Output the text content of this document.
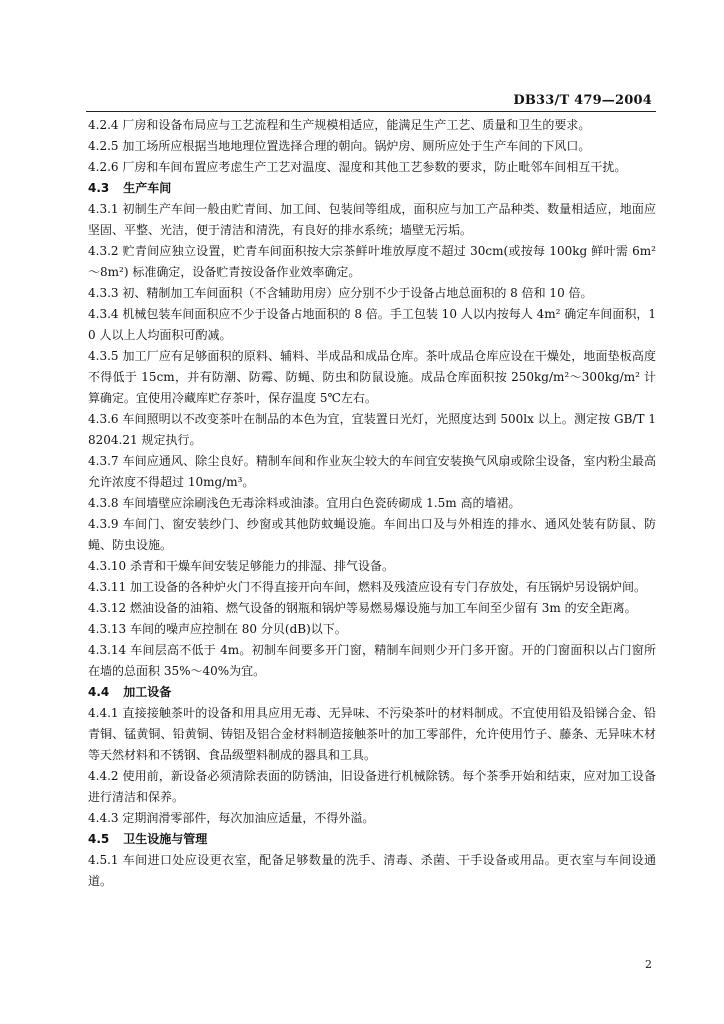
DB33/T 479—2004

4.2.4 厂房和设备布局应与工艺流程和生产规模相适应，能满足生产工艺、质量和卫生的要求。

4.2.5 加工场所应根据当地地理位置选择合理的朝向。锅炉房、厕所应处于生产车间的下风口。

4.2.6 厂房和车间布置应考虑生产工艺对温度、湿度和其他工艺参数的要求，防止毗邻车间相互干扰。

4.3 生产车间

4.3.1 初制生产车间一般由贮青间、加工间、包装间等组成，面积应与加工产品种类、数量相适应，地面应坚固、平整、光洁，便于清洁和清洗，有良好的排水系统；墙壁无污垢。

4.3.2 贮青间应独立设置，贮青车间面积按大宗茶鲜叶堆放厚度不超过 30cm(或按每 100kg 鲜叶需 6m²～8m²) 标准确定，设备贮青按设备作业效率确定。

4.3.3 初、精制加工车间面积（不含辅助用房）应分别不少于设备占地总面积的 8 倍和 10 倍。

4.3.4 机械包装车间面积应不少于设备占地面积的 8 倍。手工包装 10 人以内按每人 4m² 确定车间面积，10 人以上人均面积可酌减。

4.3.5 加工厂应有足够面积的原料、辅料、半成品和成品仓库。茶叶成品仓库应设在干燥处，地面垫板高度不得低于 15cm，并有防潮、防霉、防蝇、防虫和防鼠设施。成品仓库面积按 250kg/m²～300kg/m² 计算确定。宜使用冷藏库贮存茶叶，保存温度 5℃左右。

4.3.6 车间照明以不改变茶叶在制品的本色为宜，宜装置日光灯，光照度达到 500lx 以上。测定按 GB/T 18204.21 规定执行。

4.3.7 车间应通风、除尘良好。精制车间和作业灰尘较大的车间宜安装换气风扇或除尘设备，室内粉尘最高允许浓度不得超过 10mg/m³。

4.3.8 车间墙壁应涂刷浅色无毒涂料或油漆。宜用白色瓷砖砌成 1.5m 高的墙裙。

4.3.9 车间门、窗安装纱门、纱窗或其他防蚊蝇设施。车间出口及与外相连的排水、通风处装有防鼠、防蝇、防虫设施。

4.3.10 杀青和干燥车间安装足够能力的排湿、排气设备。

4.3.11 加工设备的各种炉火门不得直接开向车间，燃料及残渣应设有专门存放处，有压锅炉另设锅炉间。

4.3.12 燃油设备的油箱、燃气设备的钢瓶和锅炉等易燃易爆设施与加工车间至少留有 3m 的安全距离。

4.3.13 车间的噪声应控制在 80 分贝(dB)以下。

4.3.14 车间层高不低于 4m。初制车间要多开门窗，精制车间则少开门多开窗。开的门窗面积以占门窗所在墙的总面积 35%～40%为宜。

4.4 加工设备

4.4.1 直接接触茶叶的设备和用具应用无毒、无异味、不污染茶叶的材料制成。不宜使用铅及铅锑合金、铅青铜、锰黄铜、铅黄铜、铸铝及铝合金材料制造接触茶叶的加工零部件，允许使用竹子、藤条、无异味木材等天然材料和不锈钢、食品级塑料制成的器具和工具。

4.4.2 使用前，新设备必须清除表面的防锈油，旧设备进行机械除锈。每个茶季开始和结束，应对加工设备进行清洁和保养。

4.4.3 定期润滑零部件，每次加油应适量，不得外溢。

4.5 卫生设施与管理

4.5.1 车间进口处应设更衣室，配备足够数量的洗手、清毒、杀菌、干手设备或用品。更衣室与车间设通道。

2
